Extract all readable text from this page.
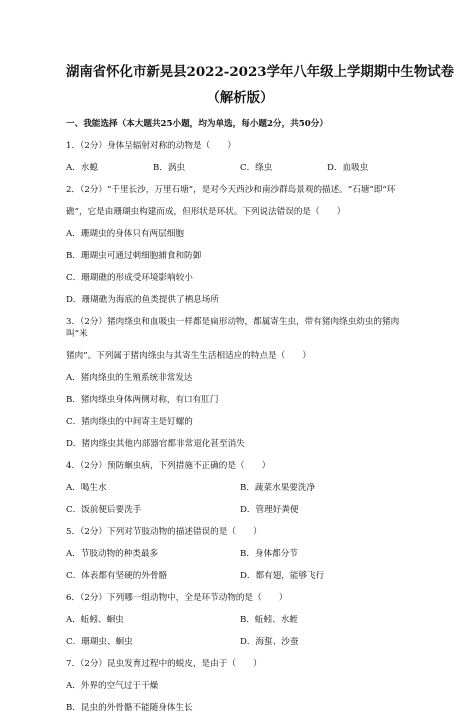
湖南省怀化市新晃县2022-2023学年八年级上学期期中生物试卷

（解析版）

一、我能选择（本大题共25小题，均为单选，每小题2分，共50分）

1．（2分）身体呈辐射对称的动物是（　　）

A．水螅	B．涡虫	C．绦虫	D．血吸虫

2．（2分）“千里长沙，万里石塘”，是对今天西沙和南沙群岛景观的描述。“石塘”即“环

礁”，它是由珊瑚虫构建而成，但形状是环状。下列说法错误的是（　　）

A．珊瑚虫的身体只有两层细胞

B．珊瑚虫可通过刺细胞捕食和防御

C．珊瑚礁的形成受环境影响较小

D．珊瑚礁为海底的鱼类提供了栖息场所

3．（2分）猪肉绦虫和血吸虫一样都是扁形动物，都属寄生虫，带有猪肉绦虫幼虫的猪肉叫“米

猪肉”。下列属于猪肉绦虫与其寄生生活相适应的特点是（　　）

A．猪肉绦虫的生殖系统非常发达

B．猪肉绦虫身体两侧对称，有口有肛门

C．猪肉绦虫的中间寄主是钉螺的

D．猪肉绦虫其他内部器官都非常退化甚至消失

4．（2分）预防蛔虫病，下列措施不正确的是（　　）

A．喝生水	B．蔬菜水果要洗净
C．饭前便后要洗手	D．管理好粪便

5．（2分）下列对节肢动物的描述错误的是（　　）

A．节肢动物的种类最多	B．身体都分节
C．体表都有坚硬的外骨骼	D．都有翅，能够飞行

6．（2分）下列哪一组动物中，全是环节动物的是（　　）

A．蚯蚓、蛔虫	B．蚯蚓、水蛭
C．珊瑚虫、蛔虫	D．海蜇、沙蚕

7．（2分）昆虫发育过程中的蜕皮，是由于（　　）

A．外界的空气过于干燥

B．昆虫的外骨骼不能随身体生长
